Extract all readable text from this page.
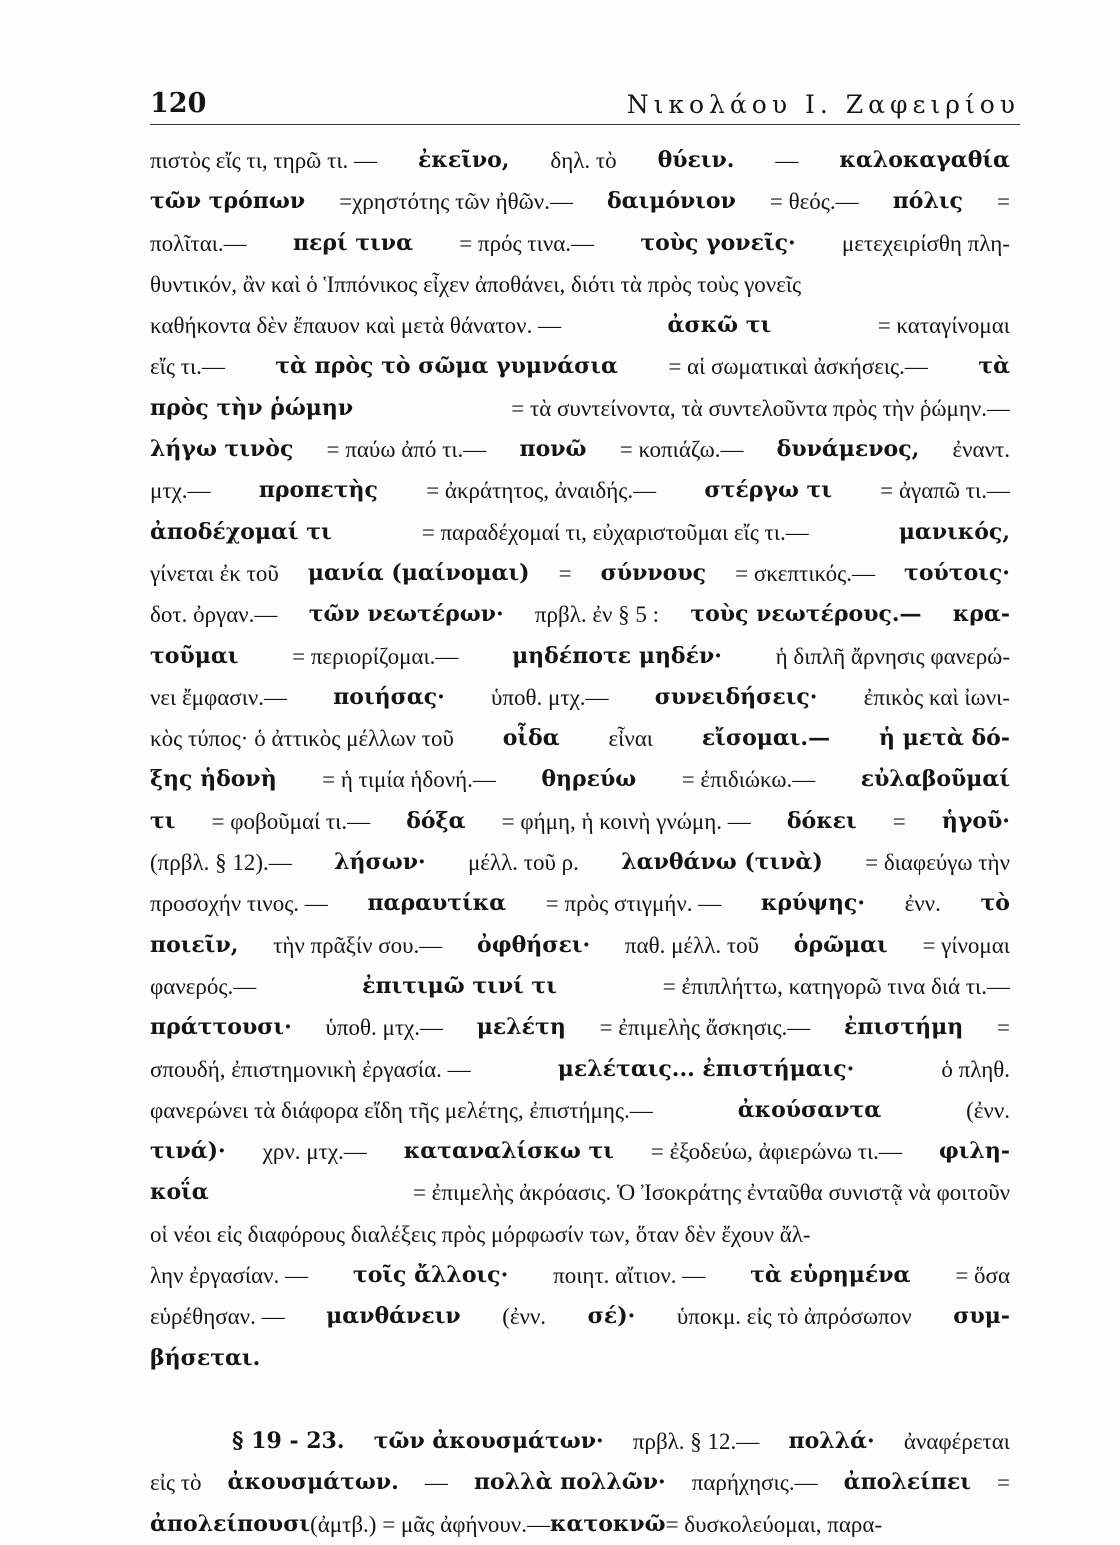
120	Νικολάου Ι. Ζαφειρίου
πιστὸς εἴς τι, τηρῶ τι. — ἐκεῖνο, δηλ. τὸ θύειν. — καλοκαγαθία
τῶν τρόπων =χρηστότης τῶν ἠθῶν.— δαιμόνιον = θεός.— πόλις =
πολῖται.— περί τινα = πρός τινα.— τοὺς γονεῖς· μετεχειρίσθη πλη-
θυντικόν, ἂν καὶ ὁ Ἱππόνικος εἶχεν ἀποθάνει, διότι τὰ πρὸς τοὺς γονεῖς
καθήκοντα δὲν ἔπαυον καὶ μετὰ θάνατον. —	ἀσκῶ τι	= καταγίνομαι
εἴς τι.— τὰ πρὸς τὸ σῶμα γυμνάσια = αἱ σωματικαὶ ἀσκήσεις.— τὰ
πρὸς τὴν ῥώμην	= τὰ συντείνοντα, τὰ συντελοῦντα πρὸς τὴν ῥώμην.—
λήγω τινὸς = παύω ἀπό τι.— πονῶ = κοπιάζω.— δυνάμενος, ἐναντ.
μτχ.— προπετὴς = ἀκράτητος, ἀναιδής.— στέργω τι = ἀγαπῶ τι.—
ἀποδέχομαί τι	= παραδέχομαί τι, εὐχαριστοῦμαι εἴς τι.—	μανικός,
γίνεται ἐκ τοῦ μανία (μαίνομαι) = σύννους = σκεπτικός.— τούτοις·
δοτ. ὀργαν.— τῶν νεωτέρων· πρβλ. ἐν § 5 : τοὺς νεωτέρους.— κρα-
τοῦμαι = περιορίζομαι.— μηδέποτε μηδέν· ἡ διπλῆ ἄρνησις φανερώ-
νει ἔμφασιν.— ποιήσας· ὑποθ. μτχ.— συνειδήσεις· ἐπικὸς καὶ ἰωνι-
κὸς τύπος· ὁ ἀττικὸς μέλλων τοῦ οἶδα εἶναι εἴσομαι.— ἡ μετὰ δό-
ξης ἡδονὴ = ἡ τιμία ἡδονή.— θηρεύω = ἐπιδιώκω.— εὐλαβοῦμαί
τι = φοβοῦμαί τι.— δόξα = φήμη, ἡ κοινὴ γνώμη. — δόκει = ἡγοῦ·
(πρβλ. § 12).— λήσων· μέλλ. τοῦ ρ. λανθάνω (τινὰ) = διαφεύγω τὴν
προσοχήν τινος. — παραυτίκα = πρὸς στιγμήν. — κρύψης· ἐνν. τὸ
ποιεῖν, τὴν πρᾶξίν σου.— ὀφθήσει· παθ. μέλλ. τοῦ ὁρῶμαι = γίνομαι
φανερός.—	ἐπιτιμῶ τινί τι	= ἐπιπλήττω, κατηγορῶ τινα διά τι.—
πράττουσι· ὑποθ. μτχ.— μελέτη = ἐπιμελὴς ἄσκησις.— ἐπιστήμη =
σπουδή, ἐπιστημονικὴ ἐργασία. —	μελέταις... ἐπιστήμαις·	ὁ πληθ.
φανερώνει τὰ διάφορα εἴδη τῆς μελέτης, ἐπιστήμης.—	ἀκούσαντα	(ἐνν.
τινά)· χρν. μτχ.— καταναλίσκω τι = ἐξοδεύω, ἀφιερώνω τι.— φιλη-
κοΐα	= ἐπιμελὴς ἀκρόασις. Ὁ Ἰσοκράτης ἐνταῦθα συνιστᾷ νὰ φοιτοῦν
οἱ νέοι εἰς διαφόρους διαλέξεις πρὸς μόρφωσίν των, ὅταν δὲν ἔχουν ἄλ-
λην ἐργασίαν. — τοῖς ἄλλοις· ποιητ. αἴτιον. — τὰ εὑρημένα = ὅσα
εὑρέθησαν. — μανθάνειν (ἐνν. σέ)· ὑποκμ. εἰς τὸ ἀπρόσωπον συμ-
βήσεται.
§ 19 - 23. τῶν ἀκουσμάτων· πρβλ. § 12.— πολλά· ἀναφέρεται
εἰς τὸ ἀκουσμάτων. — πολλὰ πολλῶν· παρήχησις.— ἀπολείπει =
ἀπολείπουσι (ἀμτβ.) = μᾶς ἀφήνουν.— κατοκνῶ = δυσκολεύομαι, παρα-
